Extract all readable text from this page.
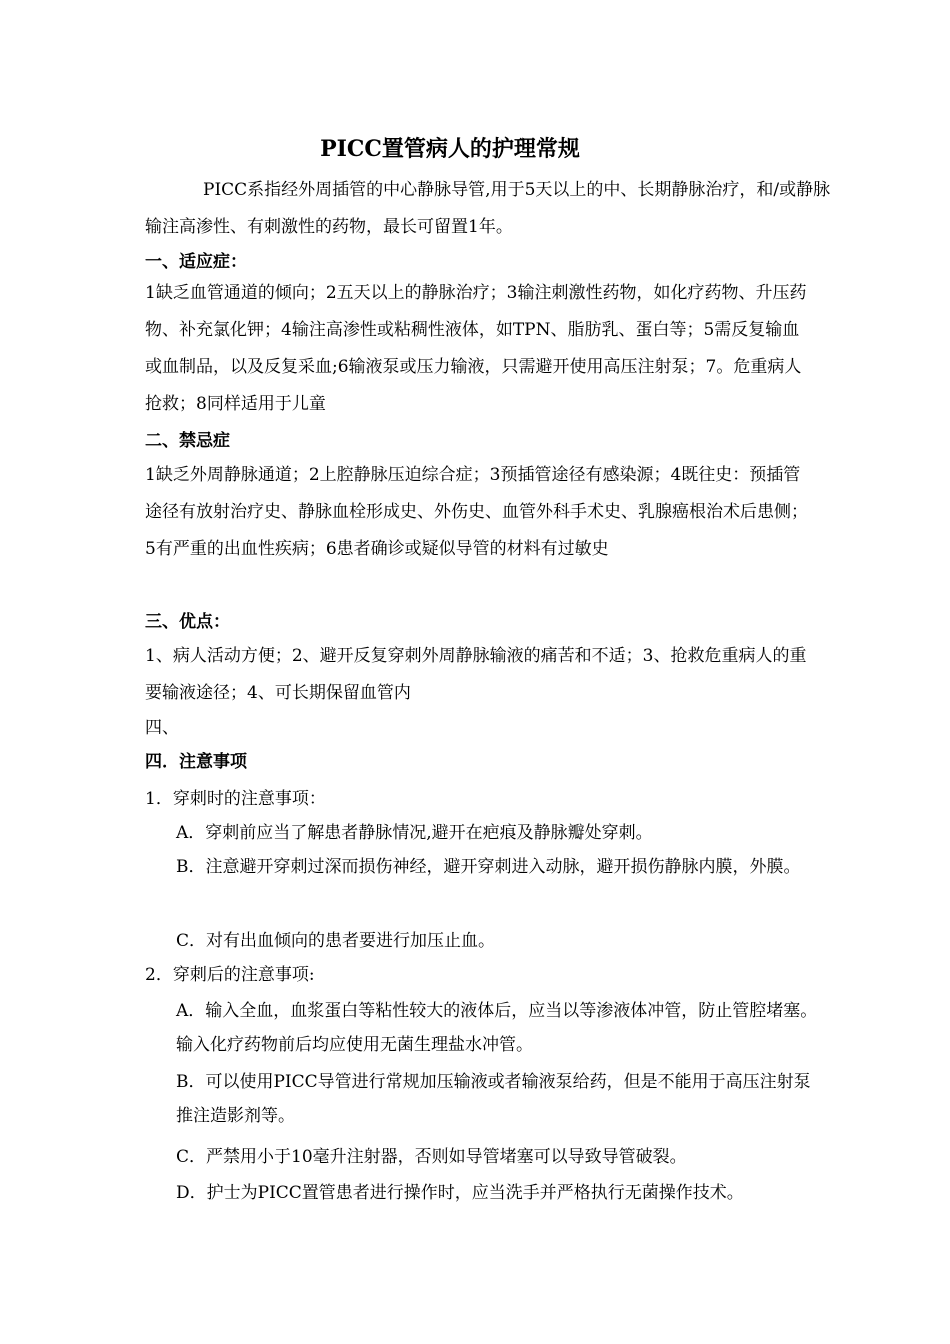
PICC置管病人的护理常规
PICC系指经外周插管的中心静脉导管,用于5天以上的中、长期静脉治疗，和/或静脉输注高渗性、有刺激性的药物，最长可留置1年。
一、适应症：
1缺乏血管通道的倾向；2五天以上的静脉治疗；3输注刺激性药物，如化疗药物、升压药物、补充氯化钾；4输注高渗性或粘稠性液体，如TPN、脂肪乳、蛋白等；5需反复输血或血制品，以及反复采血;6输液泵或压力输液，只需避开使用高压注射泵；7。危重病人抢救；8同样适用于儿童
二、禁忌症
1缺乏外周静脉通道；2上腔静脉压迫综合症；3预插管途径有感染源；4既往史：预插管途径有放射治疗史、静脉血栓形成史、外伤史、血管外科手术史、乳腺癌根治术后患侧；5有严重的出血性疾病；6患者确诊或疑似导管的材料有过敏史
三、优点：
1、病人活动方便；2、避开反复穿刺外周静脉输液的痛苦和不适；3、抢救危重病人的重要输液途径；4、可长期保留血管内
四、
四．注意事项
1．穿刺时的注意事项：
A．穿刺前应当了解患者静脉情况,避开在疤痕及静脉瓣处穿刺。
B．注意避开穿刺过深而损伤神经，避开穿刺进入动脉，避开损伤静脉内膜，外膜。
C．对有出血倾向的患者要进行加压止血。
2．穿刺后的注意事项:
A．输入全血，血浆蛋白等粘性较大的液体后，应当以等渗液体冲管，防止管腔堵塞。输入化疗药物前后均应使用无菌生理盐水冲管。
B．可以使用PICC导管进行常规加压输液或者输液泵给药，但是不能用于高压注射泵推注造影剂等。
C．严禁用小于10毫升注射器，否则如导管堵塞可以导致导管破裂。
D．护士为PICC置管患者进行操作时，应当洗手并严格执行无菌操作技术。
